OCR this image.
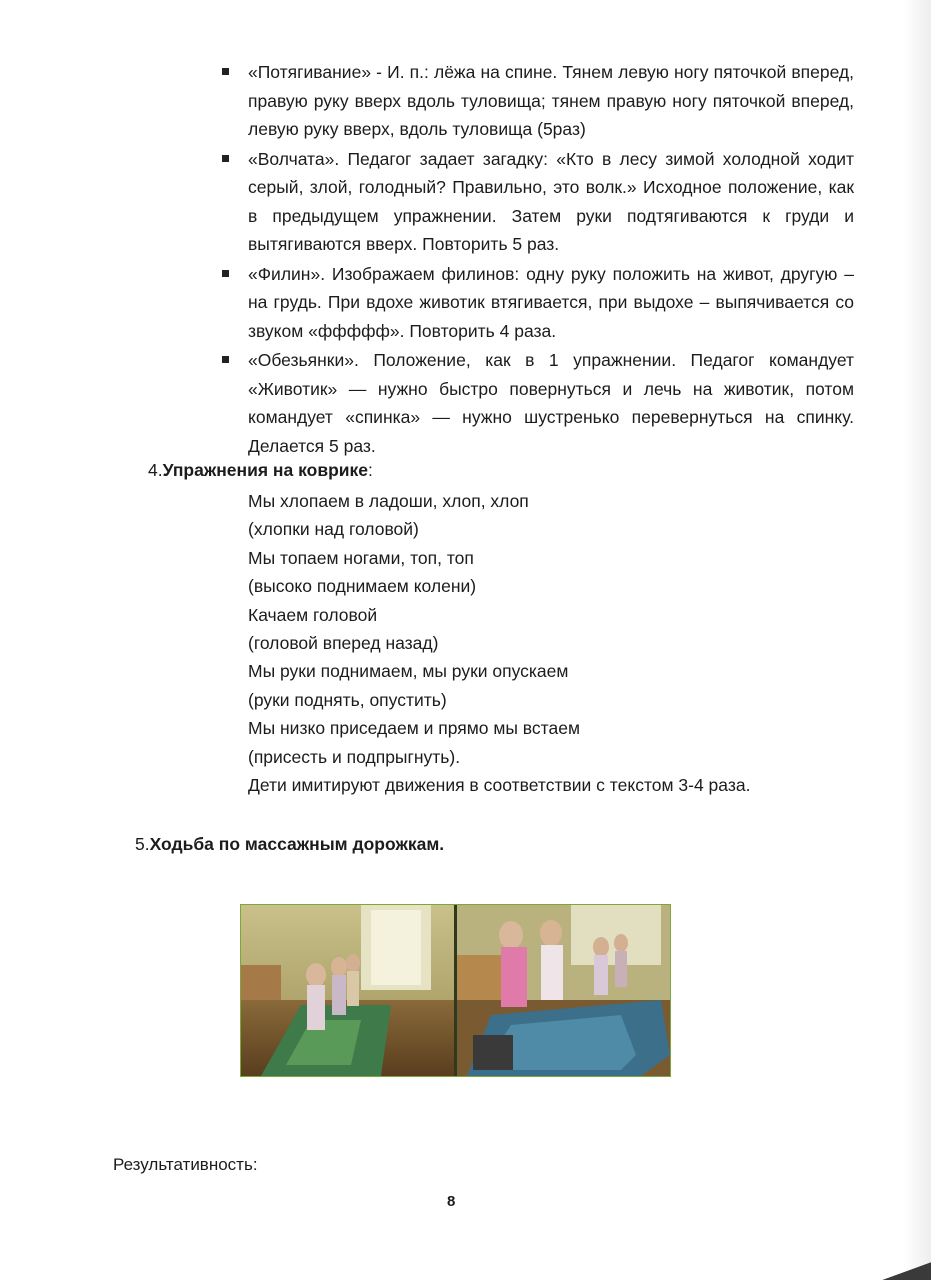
«Потягивание» - И. п.: лёжа на спине. Тянем левую ногу пяточкой вперед, правую руку вверх вдоль туловища; тянем правую ногу пяточкой вперед, левую руку вверх, вдоль туловища (5раз)
«Волчата». Педагог задает загадку: «Кто в лесу зимой холодной ходит серый, злой, голодный? Правильно, это волк.» Исходное положение, как в предыдущем упражнении. Затем руки подтягиваются к груди и вытягиваются вверх. Повторить 5 раз.
«Филин». Изображаем филинов: одну руку положить на живот, другую – на грудь. При вдохе животик втягивается, при выдохе – выпячивается со звуком «ффффф». Повторить 4 раза.
«Обезьянки». Положение, как в 1 упражнении. Педагог командует «Животик» — нужно быстро повернуться и лечь на животик, потом командует «спинка» — нужно шустренько перевернуться на спинку. Делается 5 раз.
4.Упражнения на коврике:
Мы хлопаем в ладоши, хлоп, хлоп
(хлопки над головой)
Мы топаем ногами, топ, топ
(высоко поднимаем колени)
Качаем головой
(головой вперед назад)
Мы руки поднимаем, мы руки опускаем
(руки поднять, опустить)
Мы низко приседаем и прямо мы встаем
(присесть и подпрыгнуть).
Дети имитируют движения в соответствии с текстом 3-4 раза.
5.Ходьба по массажным дорожкам.
Результативность:
8
